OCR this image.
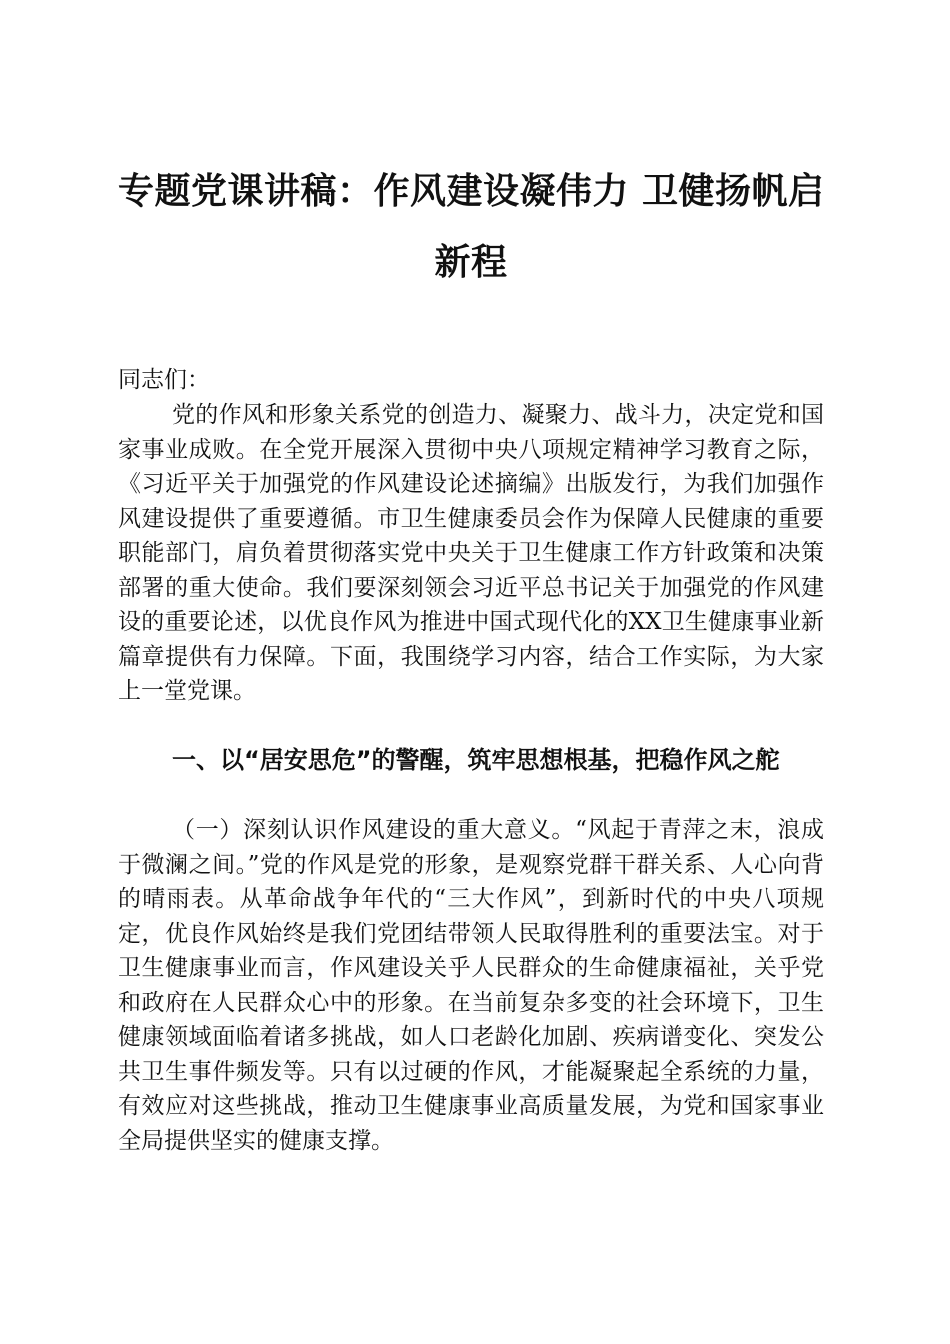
专题党课讲稿：作风建设凝伟力 卫健扬帆启
新程

同志们：

党的作风和形象关系党的创造力、凝聚力、战斗力，决定党和国家事业成败。在全党开展深入贯彻中央八项规定精神学习教育之际，《习近平关于加强党的作风建设论述摘编》出版发行，为我们加强作风建设提供了重要遵循。市卫生健康委员会作为保障人民健康的重要职能部门，肩负着贯彻落实党中央关于卫生健康工作方针政策和决策部署的重大使命。我们要深刻领会习近平总书记关于加强党的作风建设的重要论述，以优良作风为推进中国式现代化的XX卫生健康事业新篇章提供有力保障。下面，我围绕学习内容，结合工作实际，为大家上一堂党课。

一、以“居安思危”的警醒，筑牢思想根基，把稳作风之舵

（一）深刻认识作风建设的重大意义。“风起于青萍之末，浪成于微澜之间。”党的作风是党的形象，是观察党群干群关系、人心向背的晴雨表。从革命战争年代的“三大作风”，到新时代的中央八项规定，优良作风始终是我们党团结带领人民取得胜利的重要法宝。对于卫生健康事业而言，作风建设关乎人民群众的生命健康福祉，关乎党和政府在人民群众心中的形象。在当前复杂多变的社会环境下，卫生健康领域面临着诸多挑战，如人口老龄化加剧、疾病谱变化、突发公共卫生事件频发等。只有以过硬的作风，才能凝聚起全系统的力量，有效应对这些挑战，推动卫生健康事业高质量发展，为党和国家事业全局提供坚实的健康支撑。
